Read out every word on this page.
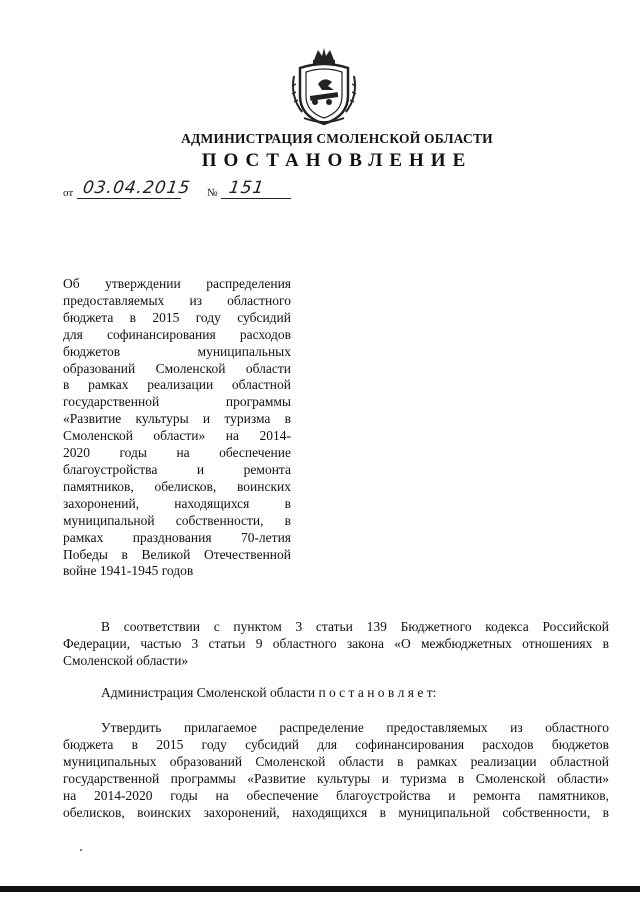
АДМИНИСТРАЦИЯ СМОЛЕНСКОЙ ОБЛАСТИ
ПОСТАНОВЛЕНИЕ
от 03.04.2015 № 151
Об утверждении распределения
предоставляемых из областного
бюджета в 2015 году субсидий
для софинансирования расходов
бюджетов муниципальных
образований Смоленской области
в рамках реализации областной
государственной программы
«Развитие культуры и туризма в
Смоленской области» на 2014-
2020 годы на обеспечение
благоустройства и ремонта
памятников, обелисков, воинских
захоронений, находящихся в
муниципальной собственности, в
рамках празднования 70-летия
Победы в Великой Отечественной
войне 1941-1945 годов
В соответствии с пунктом 3 статьи 139 Бюджетного кодекса Российской
Федерации, частью 3 статьи 9 областного закона «О межбюджетных отношениях в
Смоленской области»
Администрация Смоленской области п о с т а н о в л я е т:
Утвердить прилагаемое распределение предоставляемых из областного
бюджета в 2015 году субсидий для софинансирования расходов бюджетов
муниципальных образований Смоленской области в рамках реализации областной
государственной программы «Развитие культуры и туризма в Смоленской области»
на 2014-2020 годы на обеспечение благоустройства и ремонта памятников,
обелисков, воинских захоронений, находящихся в муниципальной собственности, в
